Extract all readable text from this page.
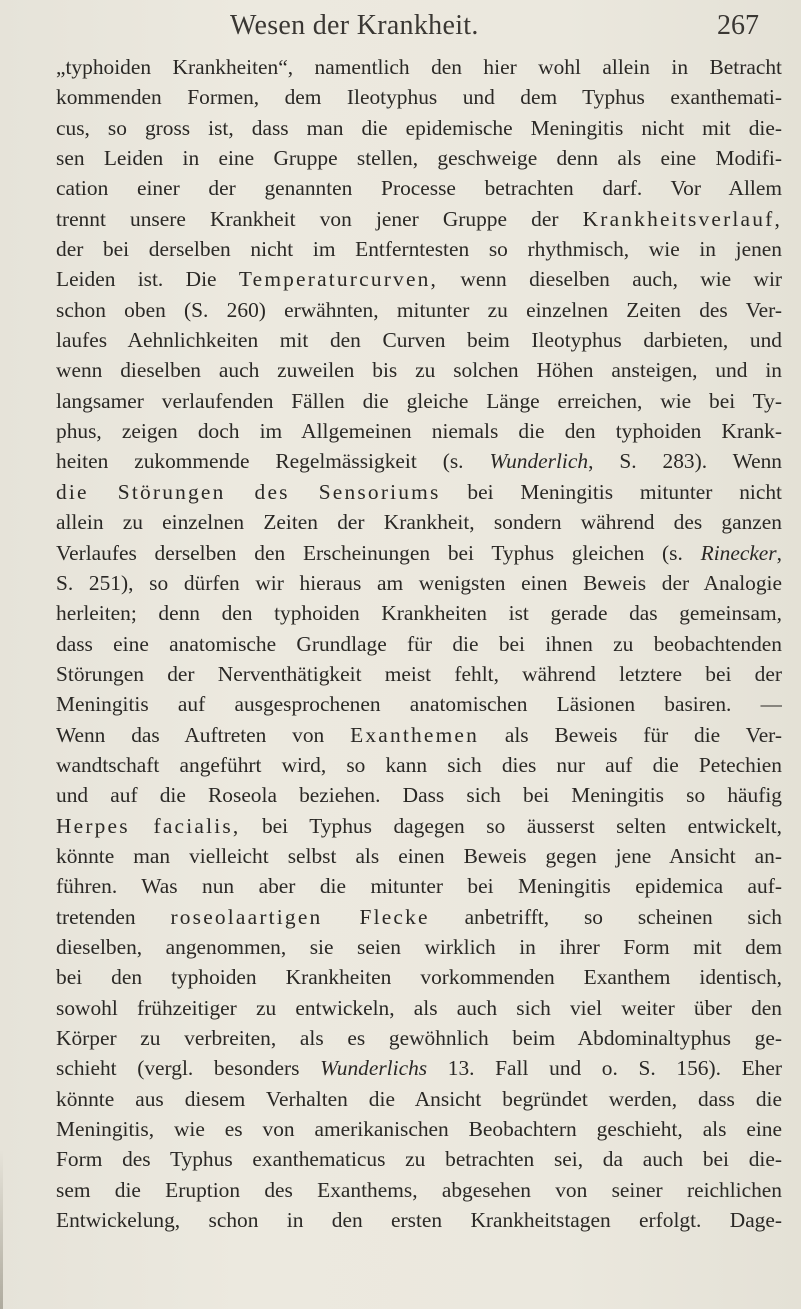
Wesen der Krankheit.	267
„typhoiden Krankheiten“, namentlich den hier wohl allein in Betracht
kommenden Formen, dem Ileotyphus und dem Typhus exanthemati-
cus, so gross ist, dass man die epidemische Meningitis nicht mit die-
sen Leiden in eine Gruppe stellen, geschweige denn als eine Modifi-
cation einer der genannten Processe betrachten darf. Vor Allem
trennt unsere Krankheit von jener Gruppe der Krankheitsverlauf,
der bei derselben nicht im Entferntesten so rhythmisch, wie in jenen
Leiden ist. Die Temperaturcurven, wenn dieselben auch, wie wir
schon oben (S. 260) erwähnten, mitunter zu einzelnen Zeiten des Ver-
laufes Aehnlichkeiten mit den Curven beim Ileotyphus darbieten, und
wenn dieselben auch zuweilen bis zu solchen Höhen ansteigen, und in
langsamer verlaufenden Fällen die gleiche Länge erreichen, wie bei Ty-
phus, zeigen doch im Allgemeinen niemals die den typhoiden Krank-
heiten zukommende Regelmässigkeit (s. Wunderlich, S. 283). Wenn
die Störungen des Sensoriums bei Meningitis mitunter nicht
allein zu einzelnen Zeiten der Krankheit, sondern während des ganzen
Verlaufes derselben den Erscheinungen bei Typhus gleichen (s. Rinecker,
S. 251), so dürfen wir hieraus am wenigsten einen Beweis der Analogie
herleiten; denn den typhoiden Krankheiten ist gerade das gemeinsam,
dass eine anatomische Grundlage für die bei ihnen zu beobachtenden
Störungen der Nerventhätigkeit meist fehlt, während letztere bei der
Meningitis auf ausgesprochenen anatomischen Läsionen basiren. —
Wenn das Auftreten von Exanthemen als Beweis für die Ver-
wandtschaft angeführt wird, so kann sich dies nur auf die Petechien
und auf die Roseola beziehen. Dass sich bei Meningitis so häufig
Herpes facialis, bei Typhus dagegen so äusserst selten entwickelt,
könnte man vielleicht selbst als einen Beweis gegen jene Ansicht an-
führen. Was nun aber die mitunter bei Meningitis epidemica auf-
tretenden roseolaartigen Flecke anbetrifft, so scheinen sich
dieselben, angenommen, sie seien wirklich in ihrer Form mit dem
bei den typhoiden Krankheiten vorkommenden Exanthem identisch,
sowohl frühzeitiger zu entwickeln, als auch sich viel weiter über den
Körper zu verbreiten, als es gewöhnlich beim Abdominaltyphus ge-
schieht (vergl. besonders Wunderlichs 13. Fall und o. S. 156). Eher
könnte aus diesem Verhalten die Ansicht begründet werden, dass die
Meningitis, wie es von amerikanischen Beobachtern geschieht, als eine
Form des Typhus exanthematicus zu betrachten sei, da auch bei die-
sem die Eruption des Exanthems, abgesehen von seiner reichlichen
Entwickelung, schon in den ersten Krankheitstagen erfolgt. Dage-
